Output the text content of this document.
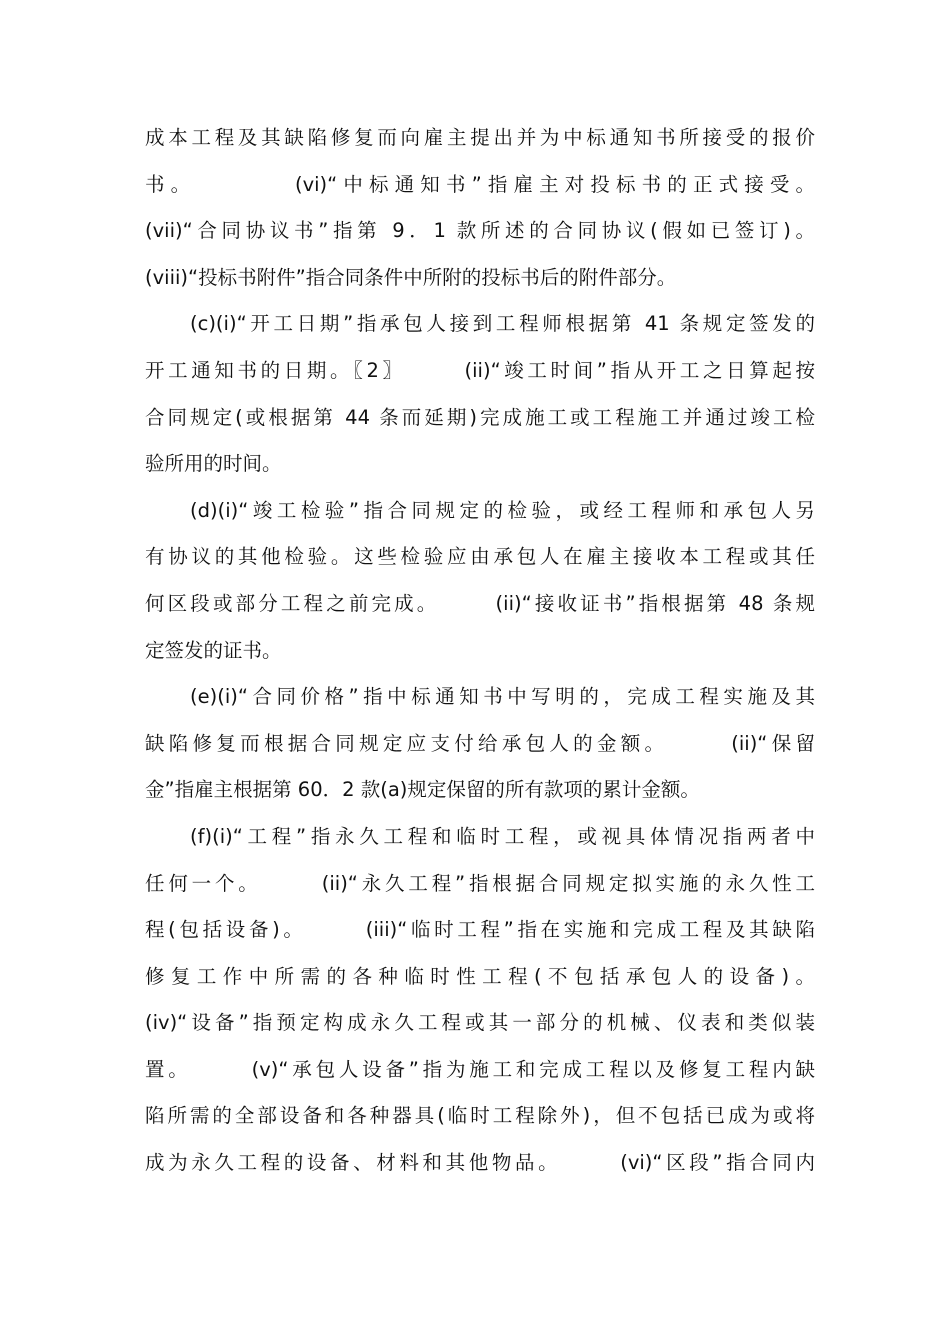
成本工程及其缺陷修复而向雇主提出并为中标通知书所接受的报价
书。        (vi)“中标通知书”指雇主对投标书的正式接受。
(vii)“合同协议书”指第 9．1 款所述的合同协议(假如已签订)。
(viii)“投标书附件”指合同条件中所附的投标书后的附件部分。
(c)(i)“开工日期”指承包人接到工程师根据第 41 条规定签发的
开工通知书的日期。〖2〗      (ii)“竣工时间”指从开工之日算起按
合同规定(或根据第 44 条而延期)完成施工或工程施工并通过竣工检
验所用的时间。
(d)(i)“竣工检验”指合同规定的检验，或经工程师和承包人另
有协议的其他检验。这些检验应由承包人在雇主接收本工程或其任
何区段或部分工程之前完成。      (ii)“接收证书”指根据第 48 条规
定签发的证书。
(e)(i)“合同价格”指中标通知书中写明的，完成工程实施及其
缺陷修复而根据合同规定应支付给承包人的金额。      (ii)“保留
金”指雇主根据第 60．2 款(a)规定保留的所有款项的累计金额。
(f)(i)“工程”指永久工程和临时工程，或视具体情况指两者中
任何一个。      (ii)“永久工程”指根据合同规定拟实施的永久性工
程(包括设备)。      (iii)“临时工程”指在实施和完成工程及其缺陷
修复工作中所需的各种临时性工程(不包括承包人的设备)。
(iv)“设备”指预定构成永久工程或其一部分的机械、仪表和类似装
置。      (v)“承包人设备”指为施工和完成工程以及修复工程内缺
陷所需的全部设备和各种器具(临时工程除外)，但不包括已成为或将
成为永久工程的设备、材料和其他物品。      (vi)“区段”指合同内
